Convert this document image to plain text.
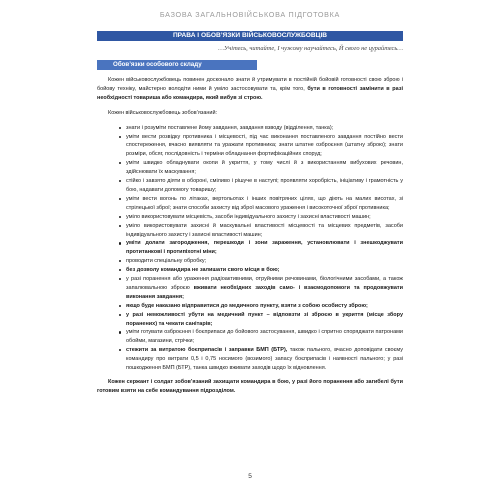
БАЗОВА ЗАГАЛЬНОВІЙСЬКОВА ПІДГОТОВКА
ПРАВА І ОБОВ’ЯЗКИ ВІЙСЬКОВОСЛУЖБОВЦІВ
…Учітесь, читайте, І чужому научайтесь, Й свого не цурайтесь…
Обов’язки особового складу

Кожен військовослужбовець повинен досконало знати й утримувати в постійній бойовій готовності свою зброю і бойову техніку, майстерно володіти ними й уміло застосовувати та, крім того, бути в готовності замінити в разі необхідності товариша або командира, який вибув зі строю.

Кожен військовослужбовець зобов’язаний:

знати і розуміти поставлене йому завдання, завдання взводу (відділення, танка);
уміти вести розвідку противника і місцевості, під час виконання поставленого завдання постійно вести спостереження, вчасно виявляти та уражати противника; знати штатне озброєння (штатну зброю); знати розміри, обсяг, послідовність і терміни обладнання фортифікаційних споруд;
уміти швидко обладнувати окопи й укриття, у тому числі й з використанням вибухових речовин, здійснювати їх маскування;
стійко і завзято діяти в обороні, сміливо і рішуче в наступі; проявляти хоробрість, ініціативу і грамотність у бою, надавати допомогу товаришу;
уміти вести вогонь по літаках, вертольотах і інших повітряних цілях, що діють на малих висотах, зі стрілецької зброї; знати способи захисту від зброї масового ураження і високоточної зброї противника;
уміло використовувати місцевість, засоби індивідуального захисту і захисні властивості машин;
уміло використовувати захисні й маскувальні властивості місцевості та місцевих предметів, засоби індивідуального захисту і захисні властивості машин;
уміти долати загородження, перешкоди і зони зараження, установлювати і знешкоджувати протитанкові і протипіхотні міни;
проводити спеціальну обробку;
без дозволу командира не залишати свого місця в бою;
у разі поранення або ураження радіоактивними, отруйними речовинами, біологічними засобами, а також запалювальною зброєю вживати необхідних заходів само- і взаємодопомоги та продовжувати виконання завдання;
якщо буде наказано відправитися до медичного пункту, взяти з собою особисту зброю;
у разі неможливості убути на медичний пункт – відповзти зі зброєю в укриття (місце збору поранених) та чекати санітарів;
уміти готувати озброєння і боєприпаси до бойового застосування, швидко і спритно споряджати патронами обойми, магазини, стрічки;
стежити за витратою боєприпасів і заправки БМП (БТР), також пального, вчасно доповідати своєму командиру про витрати 0,5 і 0,75 носимого (возимого) запасу боєприпасів і наявності пального; у разі пошкодження БМП (БТР), танка швидко вживати заходів щодо їх відновлення.

Кожен сержант і солдат зобов’язаний захищати командира в бою, у разі його поранення або загибелі бути готовим взяти на себе командування підрозділом.

5
